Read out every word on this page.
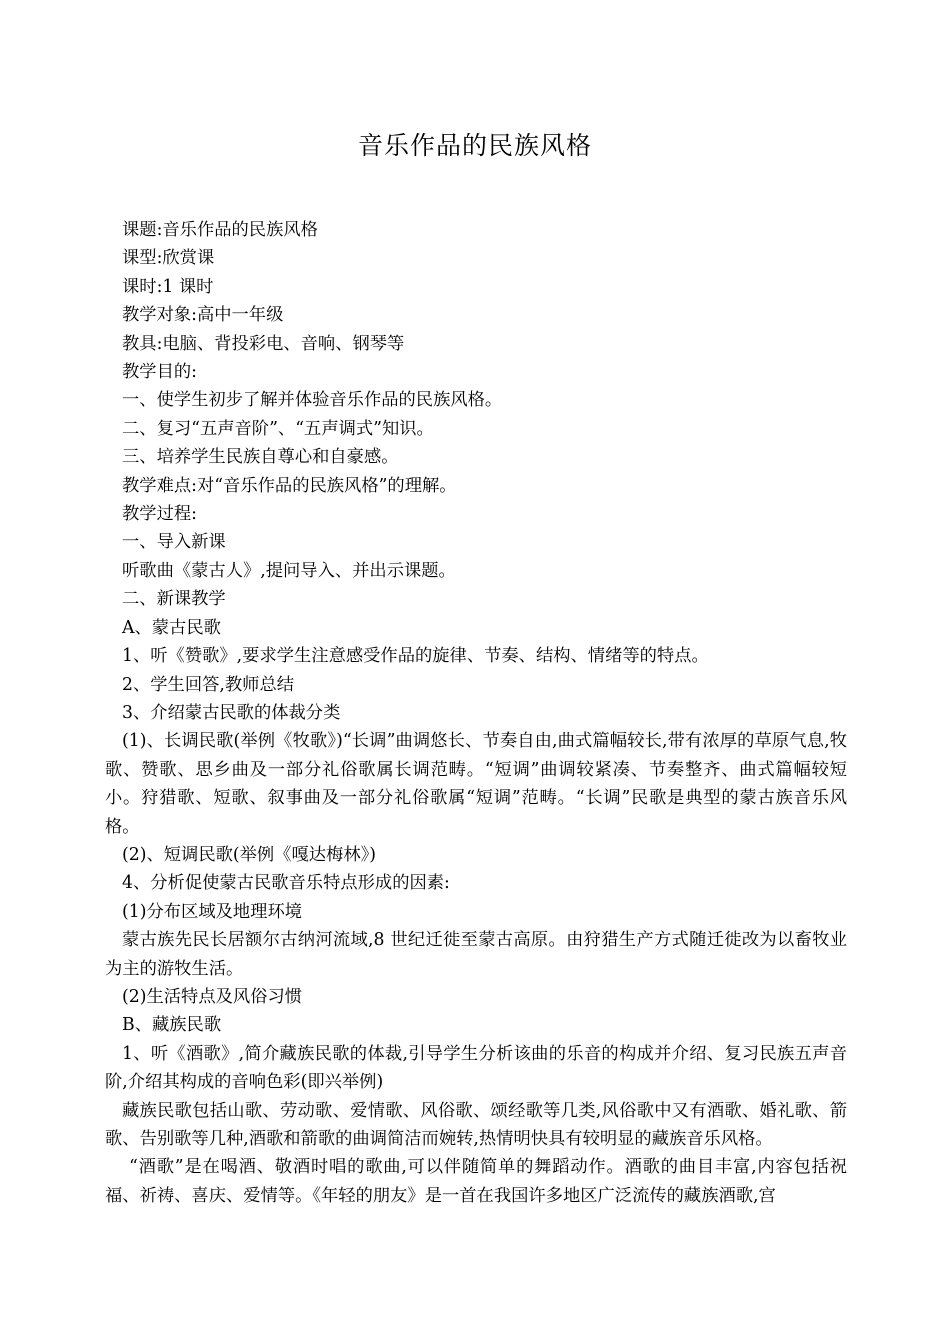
音乐作品的民族风格

课题:音乐作品的民族风格

课型:欣赏课

课时:1 课时

教学对象:高中一年级

教具:电脑、背投彩电、音响、钢琴等

教学目的:

一、使学生初步了解并体验音乐作品的民族风格。

二、复习“五声音阶”、“五声调式”知识。

三、培养学生民族自尊心和自豪感。

教学难点:对“音乐作品的民族风格”的理解。

教学过程:

一、导入新课

听歌曲《蒙古人》,提问导入、并出示课题。

二、新课教学

A、蒙古民歌

1、听《赞歌》,要求学生注意感受作品的旋律、节奏、结构、情绪等的特点。

2、学生回答,教师总结

3、介绍蒙古民歌的体裁分类

(1)、长调民歌(举例《牧歌》)“长调”曲调悠长、节奏自由,曲式篇幅较长,带有浓厚的草原气息,牧歌、赞歌、思乡曲及一部分礼俗歌属长调范畴。“短调”曲调较紧凑、节奏整齐、曲式篇幅较短小。狩猎歌、短歌、叙事曲及一部分礼俗歌属“短调”范畴。“长调”民歌是典型的蒙古族音乐风格。

(2)、短调民歌(举例《嘎达梅林》)

4、分析促使蒙古民歌音乐特点形成的因素:

(1)分布区域及地理环境

蒙古族先民长居额尔古纳河流域,8 世纪迁徙至蒙古高原。由狩猎生产方式随迁徙改为以畜牧业为主的游牧生活。

(2)生活特点及风俗习惯

B、藏族民歌

1、听《酒歌》,简介藏族民歌的体裁,引导学生分析该曲的乐音的构成并介绍、复习民族五声音阶,介绍其构成的音响色彩(即兴举例)

藏族民歌包括山歌、劳动歌、爱情歌、风俗歌、颂经歌等几类,风俗歌中又有酒歌、婚礼歌、箭歌、告别歌等几种,酒歌和箭歌的曲调简洁而婉转,热情明快具有较明显的藏族音乐风格。

“酒歌”是在喝酒、敬酒时唱的歌曲,可以伴随简单的舞蹈动作。酒歌的曲目丰富,内容包括祝福、祈祷、喜庆、爱情等。《年轻的朋友》是一首在我国许多地区广泛流传的藏族酒歌,宫
